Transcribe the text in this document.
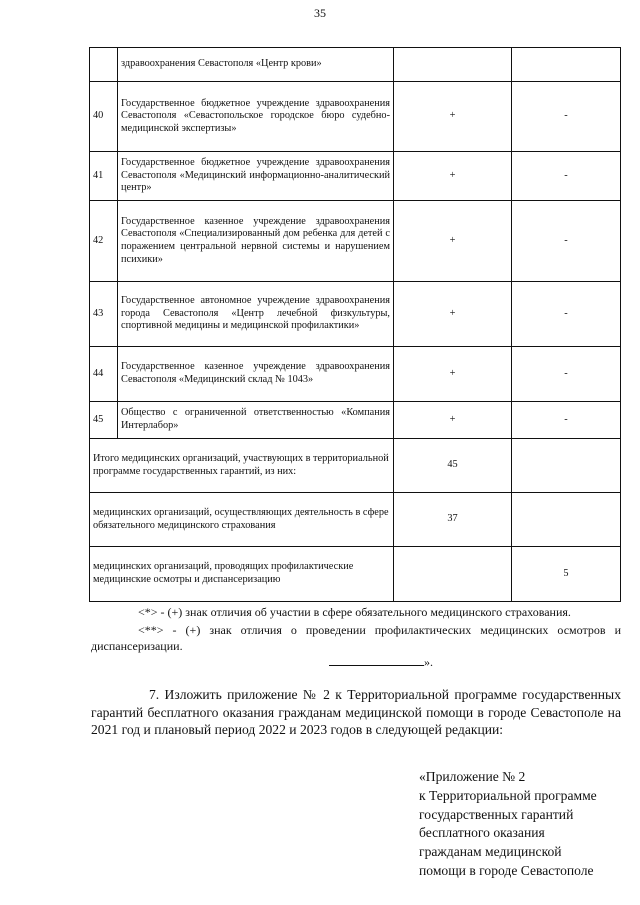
35
	здравоохранения Севастополя «Центр крови»		
40	Государственное бюджетное учреждение здравоохранения Севастополя «Севастопольское городское бюро судебно-медицинской экспертизы»	+	-
41	Государственное бюджетное учреждение здравоохранения Севастополя «Медицинский информационно-аналитический центр»	+	-
42	Государственное казенное учреждение здравоохранения Севастополя «Специализированный дом ребенка для детей с поражением центральной нервной системы и нарушением психики»	+	-
43	Государственное автономное учреждение здравоохранения города Севастополя «Центр лечебной физкультуры, спортивной медицины и медицинской профилактики»	+	-
44	Государственное казенное учреждение здравоохранения Севастополя «Медицинский склад № 1043»	+	-
45	Общество с ограниченной ответственностью «Компания Интерлабор»	+	-
Итого медицинских организаций, участвующих в территориальной программе государственных гарантий, из них:		45	
медицинских организаций, осуществляющих деятельность в сфере обязательного медицинского страхования		37	
медицинских организаций, проводящих профилактические медицинские осмотры и диспансеризацию			5
<*> - (+) знак отличия об участии в сфере обязательного медицинского страхования.
<**> - (+) знак отличия о проведении профилактических медицинских осмотров и диспансеризации.
».
7. Изложить приложение № 2 к Территориальной программе государственных гарантий бесплатного оказания гражданам медицинской помощи в городе Севастополе на 2021 год и плановый период 2022 и 2023 годов в следующей редакции:
«Приложение № 2
к Территориальной программе
государственных гарантий
бесплатного оказания
гражданам медицинской
помощи в городе Севастополе
